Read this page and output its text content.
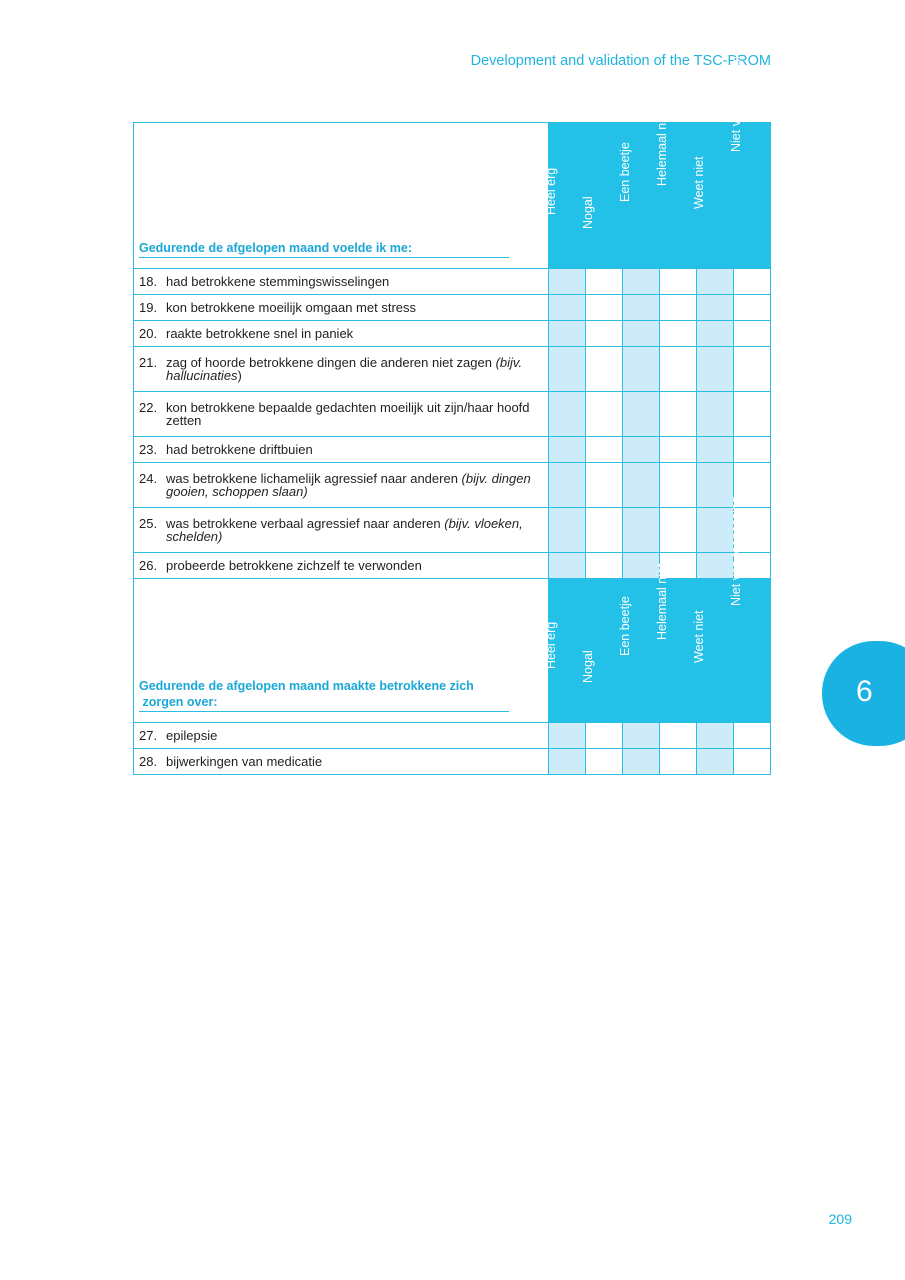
Development and validation of the TSC-PROM
Gedurende de afgelopen maand voelde ik me:	Heel erg	Nogal	Een beetje	Helemaal niet	Weet niet	Niet van toepassing

18. had betrokkene stemmingswisselingen						
19. kon betrokkene moeilijk omgaan met stress						
20. raakte betrokkene snel in paniek						
21. zag of hoorde betrokkene dingen die anderen niet zagen (bijv. hallucinaties)						
22. kon betrokkene bepaalde gedachten moeilijk uit zijn/haar hoofd zetten						
23. had betrokkene driftbuien						
24. was betrokkene lichamelijk agressief naar anderen (bijv. dingen gooien, schoppen slaan)						
25. was betrokkene verbaal agressief naar anderen (bijv. vloeken, schelden)						
26. probeerde betrokkene zichzelf te verwonden						

Gedurende de afgelopen maand maakte betrokkene zich
zorgen over:	Heel erg	Nogal	Een beetje	Helemaal niet	Weet niet	Niet van toepassing

27. epilepsie						
28. bijwerkingen van medicatie						
6
209
